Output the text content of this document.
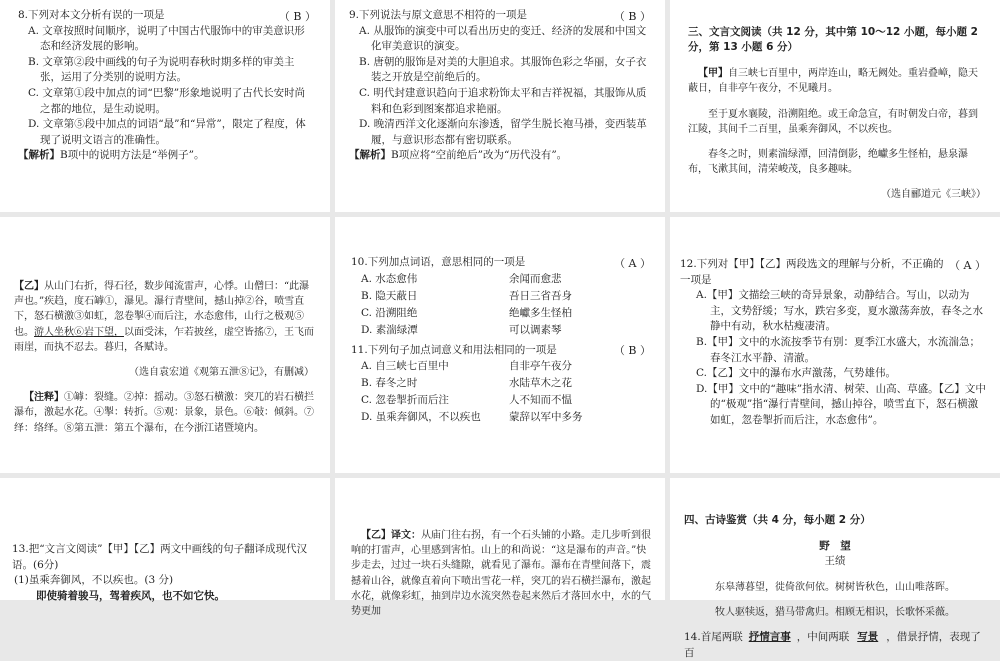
8.下列对本文分析有误的一项是	（ B ）

A. 文章按照时间顺序，说明了中国古代服饰中的审美意识形态和经济发展的影响。

B. 文章第②段中画线的句子为说明春秋时期多样的审美主张，运用了分类别的说明方法。

C. 文章第①段中加点的词“巴黎”形象地说明了古代长安时尚之都的地位，是生动说明。

D. 文章第⑤段中加点的词语“最”和“异常”，限定了程度，体现了说明文语言的准确性。

【解析】B项中的说明方法是“举例子”。

9.下列说法与原文意思不相符的一项是	（ B ）

A. 从服饰的演变中可以看出历史的变迁、经济的发展和中国文化审美意识的演变。

B. 唐朝的服饰是对美的大胆追求。其服饰色彩之华丽，女子衣装之开放是空前绝后的。

C. 明代封建意识趋向于追求粉饰太平和吉祥祝福，其服饰从质料和色彩到图案都追求艳丽。

D. 晚清西洋文化逐渐向东渗透，留学生脱长袍马褂，变西装革履，与意识形态都有密切联系。

【解析】B项应将“空前绝后”改为“历代没有”。

三、文言文阅读（共 12 分，其中第 10～12 小题，每小题 2 分，第 13 小题 6 分）

【甲】自三峡七百里中，两岸连山，略无阙处。重岩叠嶂，隐天蔽日，自非亭午夜分，不见曦月。

至于夏水襄陵，沿溯阻绝。或王命急宣，有时朝发白帝，暮到江陵，其间千二百里，虽乘奔御风，不以疾也。

春冬之时，则素湍绿潭，回清倒影，绝巘多生怪柏，悬泉瀑布，飞漱其间，清荣峻茂，良多趣味。

（选自郦道元《三峡》）

【乙】从山门右折，得石径，数步闻流雷声，心悸。山僧曰：“此瀑声也。”疾趋，度石罅①，瀑见。瀑行青壁间，撼山掉②谷，喷雪直下，怒石横激③如虹，忽卷掣④而后注，水态愈伟，山行之极观⑤也。游人坐秋⑥岩下望，以面受沫，乍若披丝，虚空皆搖⑦，王飞而雨崖，而执不忍去。暮归，各赋诗。

（选自袁宏道《观第五泄⑧记》，有删减）

【注释】①罅：裂缝。②掉：摇动。③怒石横激：突兀的岩石横拦瀑布，激起水花。④掣：转折。⑤观：景象，景色。⑥敧：倾斜。⑦绎：络绎。⑧第五泄：第五个瀑布，在今浙江诸暨境内。

10.下列加点词语，意思相同的一项是	（ A ）
A. 水态愈伟	余闻而愈悲
B. 隐天蔽日	吾日三省吾身
C. 沿溯阻绝	绝巘多生怪柏
D. 素湍绿潭	可以调素琴

11.下列句子加点词意义和用法相同的一项是	（ B ）
A. 自三峡七百里中	自非亭午夜分
B. 春冬之时	水陆草木之花
C. 忽卷掣折而后注	人不知而不愠
D. 虽乘奔御风，不以疾也	蒙辞以军中多务

12.下列对【甲】【乙】两段选文的理解与分析，不正确的一项是

（ A ）

A.【甲】文描绘三峡的奇异景象，动静结合。写山，以动为主，文势舒缓；写水，跌宕多变，夏水激荡奔放，春冬之水静中有动，秋水枯瘦凄清。

B.【甲】文中的水流按季节有别：夏季江水盛大，水流湍急；春冬江水平静、清澈。

C.【乙】文中的瀑布水声激荡，气势雄伟。

D.【甲】文中的“趣味”指水清、树荣、山高、草盛。【乙】文中的“极观”指“瀑行青壁间，撼山掉谷，喷雪直下，怒石横激如虹，忽卷掣折而后注，水态愈伟”。

13.把“文言文阅读”【甲】【乙】两文中画线的句子翻译成现代汉语。(6分)

(1)虽乘奔御风，不以疾也。(3 分)

即使骑着骏马，驾着疾风，也不如它快。

【乙】译文：从庙门往右拐，有一个石头铺的小路。走几步听到很响的打雷声，心里感到害怕。山上的和尚说：“这是瀑布的声音。”快步走去，过过一块石头缝隙，就看见了瀑布。瀑布在青壁间落下，震撼着山谷，就像直着向下喷出雪花一样，突兀的岩石横拦瀑布，激起水花，就像彩虹，抽到岸边水流突然卷起来然后才落回水中，水的气势更加

四、古诗鉴赏（共 4 分，每小题 2 分）

野　望

王绩

东皋薄暮望，徙倚欲何依。树树皆秋色，山山唯落晖。

牧人驱犊返，猎马带禽归。相顾无相识，长歌怀采薇。

14.首尾两联 抒情言事 ，中间两联 写景 ，借景抒情，表现了百
